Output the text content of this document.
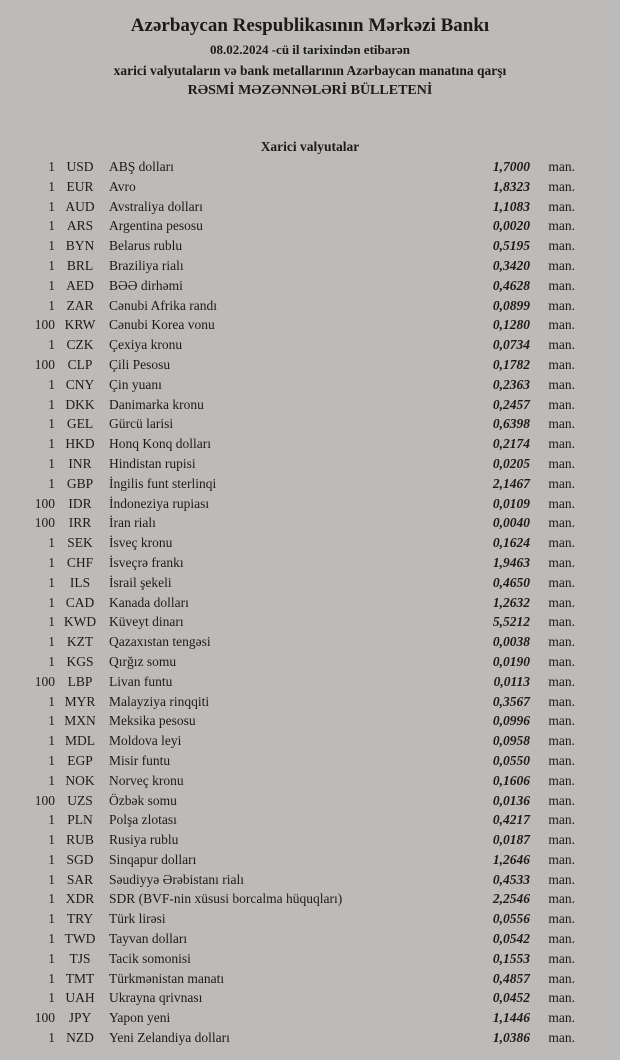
Azərbaycan Respublikasının Mərkəzi Bankı
08.02.2024 -cü il tarixindən etibarən
xarici valyutaların və bank metallarının Azərbaycan manatına qarşı
RƏSMİ MƏZƏNNƏLƏRİ BÜLLETENİ
Xarici valyutalar
1 USD	ABŞ dolları	1,7000	man.
1 EUR	Avro	1,8323	man.
1 AUD	Avstraliya dolları	1,1083	man.
1 ARS	Argentina pesosu	0,0020	man.
1 BYN	Belarus rublu	0,5195	man.
1 BRL	Braziliya rialı	0,3420	man.
1 AED	BƏƏ dirhəmi	0,4628	man.
1 ZAR	Cənubi Afrika randı	0,0899	man.
100 KRW	Cənubi Korea vonu	0,1280	man.
1 CZK	Çexiya kronu	0,0734	man.
100 CLP	Çili Pesosu	0,1782	man.
1 CNY	Çin yuanı	0,2363	man.
1 DKK	Danimarka kronu	0,2457	man.
1 GEL	Gürcü larisi	0,6398	man.
1 HKD	Honq Konq dolları	0,2174	man.
1 INR	Hindistan rupisi	0,0205	man.
1 GBP	İngilis funt sterlinqi	2,1467	man.
100 IDR	İndoneziya rupiası	0,0109	man.
100	IRR	İran rialı	0,0040	man.
1 SEK	İsveç kronu	0,1624	man.
1 CHF	İsveçrə frankı	1,9463	man.
1	ILS	İsrail şekeli	0,4650	man.
1 CAD	Kanada dolları	1,2632	man.
1 KWD Küveyt dinarı	5,5212	man.
1 KZT	Qazaxıstan tengəsi	0,0038	man.
1 KGS	Qırğız somu	0,0190	man.
100 LBP	Livan funtu	0,0113	man.
1 MYR	Malayziya rinqqiti	0,3567	man.
1 MXN Meksika pesosu	0,0996	man.
1 MDL	Moldova leyi	0,0958	man.
1 EGP	Misir funtu	0,0550	man.
1 NOK	Norveç kronu	0,1606	man.
100 UZS	Özbək somu	0,0136	man.
1 PLN	Polşa zlotası	0,4217	man.
1 RUB	Rusiya rublu	0,0187	man.
1 SGD	Sinqapur dolları	1,2646	man.
1 SAR	Səudiyyə Ərəbistanı rialı	0,4533	man.
1 XDR	SDR (BVF-nin xüsusi borcalma hüquqları)	2,2546	man.
1 TRY	Türk lirəsi	0,0556	man.
1 TWD	Tayvan dolları	0,0542	man.
1	TJS	Tacik somonisi	0,1553	man.
1 TMT	Türkmənistan manatı	0,4857	man.
1 UAH	Ukrayna qrivnası	0,0452	man.
100	JPY	Yapon yeni	1,1446	man.
1 NZD	Yeni Zelandiya dolları	1,0386	man.
